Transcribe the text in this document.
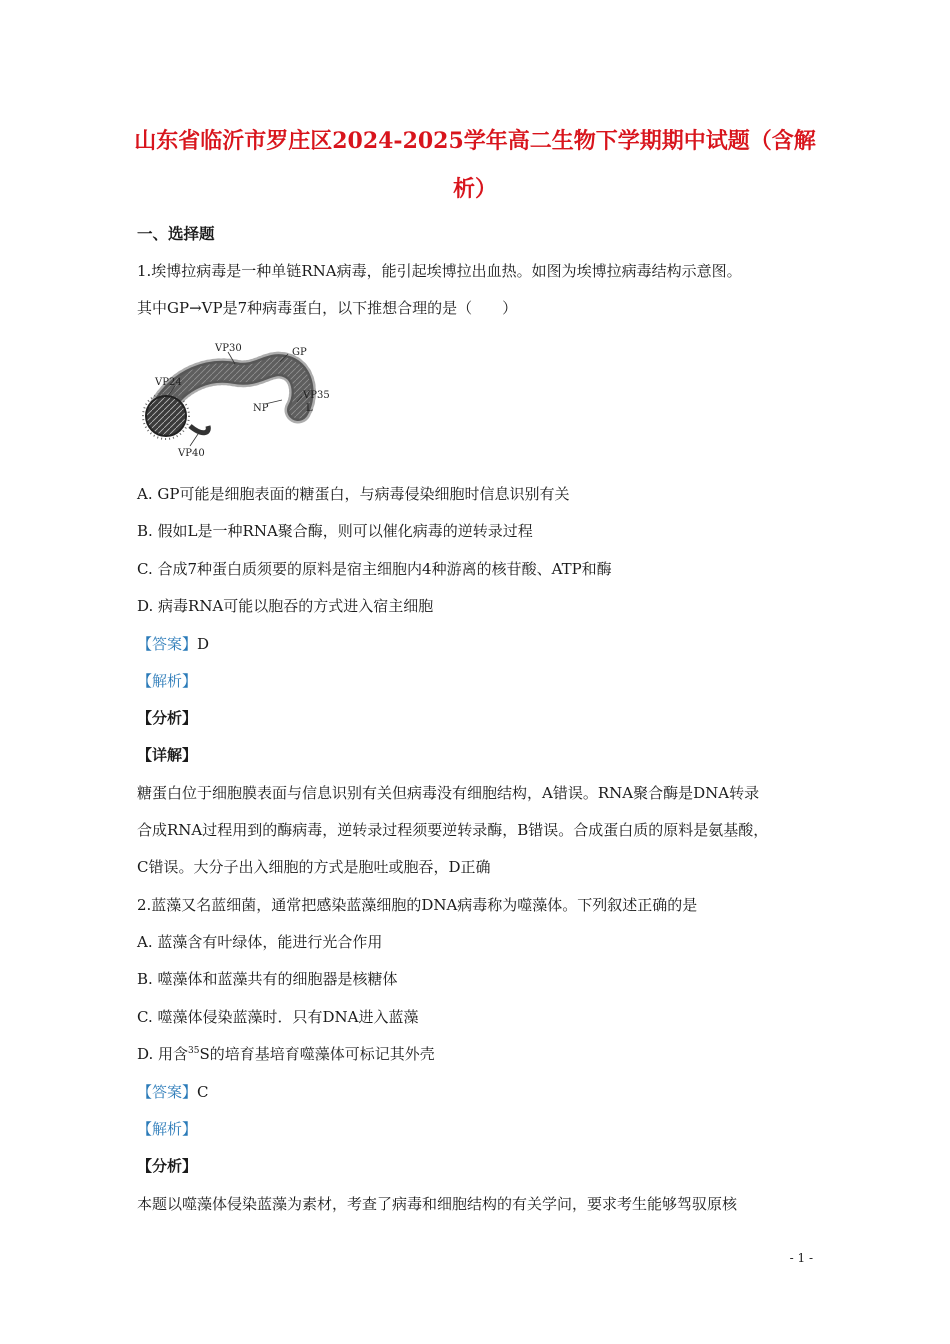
山东省临沂市罗庄区2024-2025学年高二生物下学期期中试题（含解
析）
一、选择题
1.埃博拉病毒是一种单链RNA病毒，能引起埃博拉出血热。如图为埃博拉病毒结构示意图。
其中GP→VP是7种病毒蛋白，以下推想合理的是（　　）
VP30	GP
VP24
VP35
NP	L
VP40
A. GP可能是细胞表面的糖蛋白，与病毒侵染细胞时信息识别有关
B. 假如L是一种RNA聚合酶，则可以催化病毒的逆转录过程
C. 合成7种蛋白质须要的原料是宿主细胞内4种游离的核苷酸、ATP和酶
D. 病毒RNA可能以胞吞的方式进入宿主细胞
【答案】D
【解析】
【分析】
【详解】
糖蛋白位于细胞膜表面与信息识别有关但病毒没有细胞结构，A错误。RNA聚合酶是DNA转录
合成RNA过程用到的酶病毒，逆转录过程须要逆转录酶，B错误。合成蛋白质的原料是氨基酸，
C错误。大分子出入细胞的方式是胞吐或胞吞，D正确
2.蓝藻又名蓝细菌，通常把感染蓝藻细胞的DNA病毒称为噬藻体。下列叙述正确的是
A. 蓝藻含有叶绿体，能进行光合作用
B. 噬藻体和蓝藻共有的细胞器是核糖体
C. 噬藻体侵染蓝藻时．只有DNA进入蓝藻
D. 用含$^{35}$S的培育基培育噬藻体可标记其外壳
【答案】C
【解析】
【分析】
本题以噬藻体侵染蓝藻为素材，考查了病毒和细胞结构的有关学问，要求考生能够驾驭原核
- 1 -
